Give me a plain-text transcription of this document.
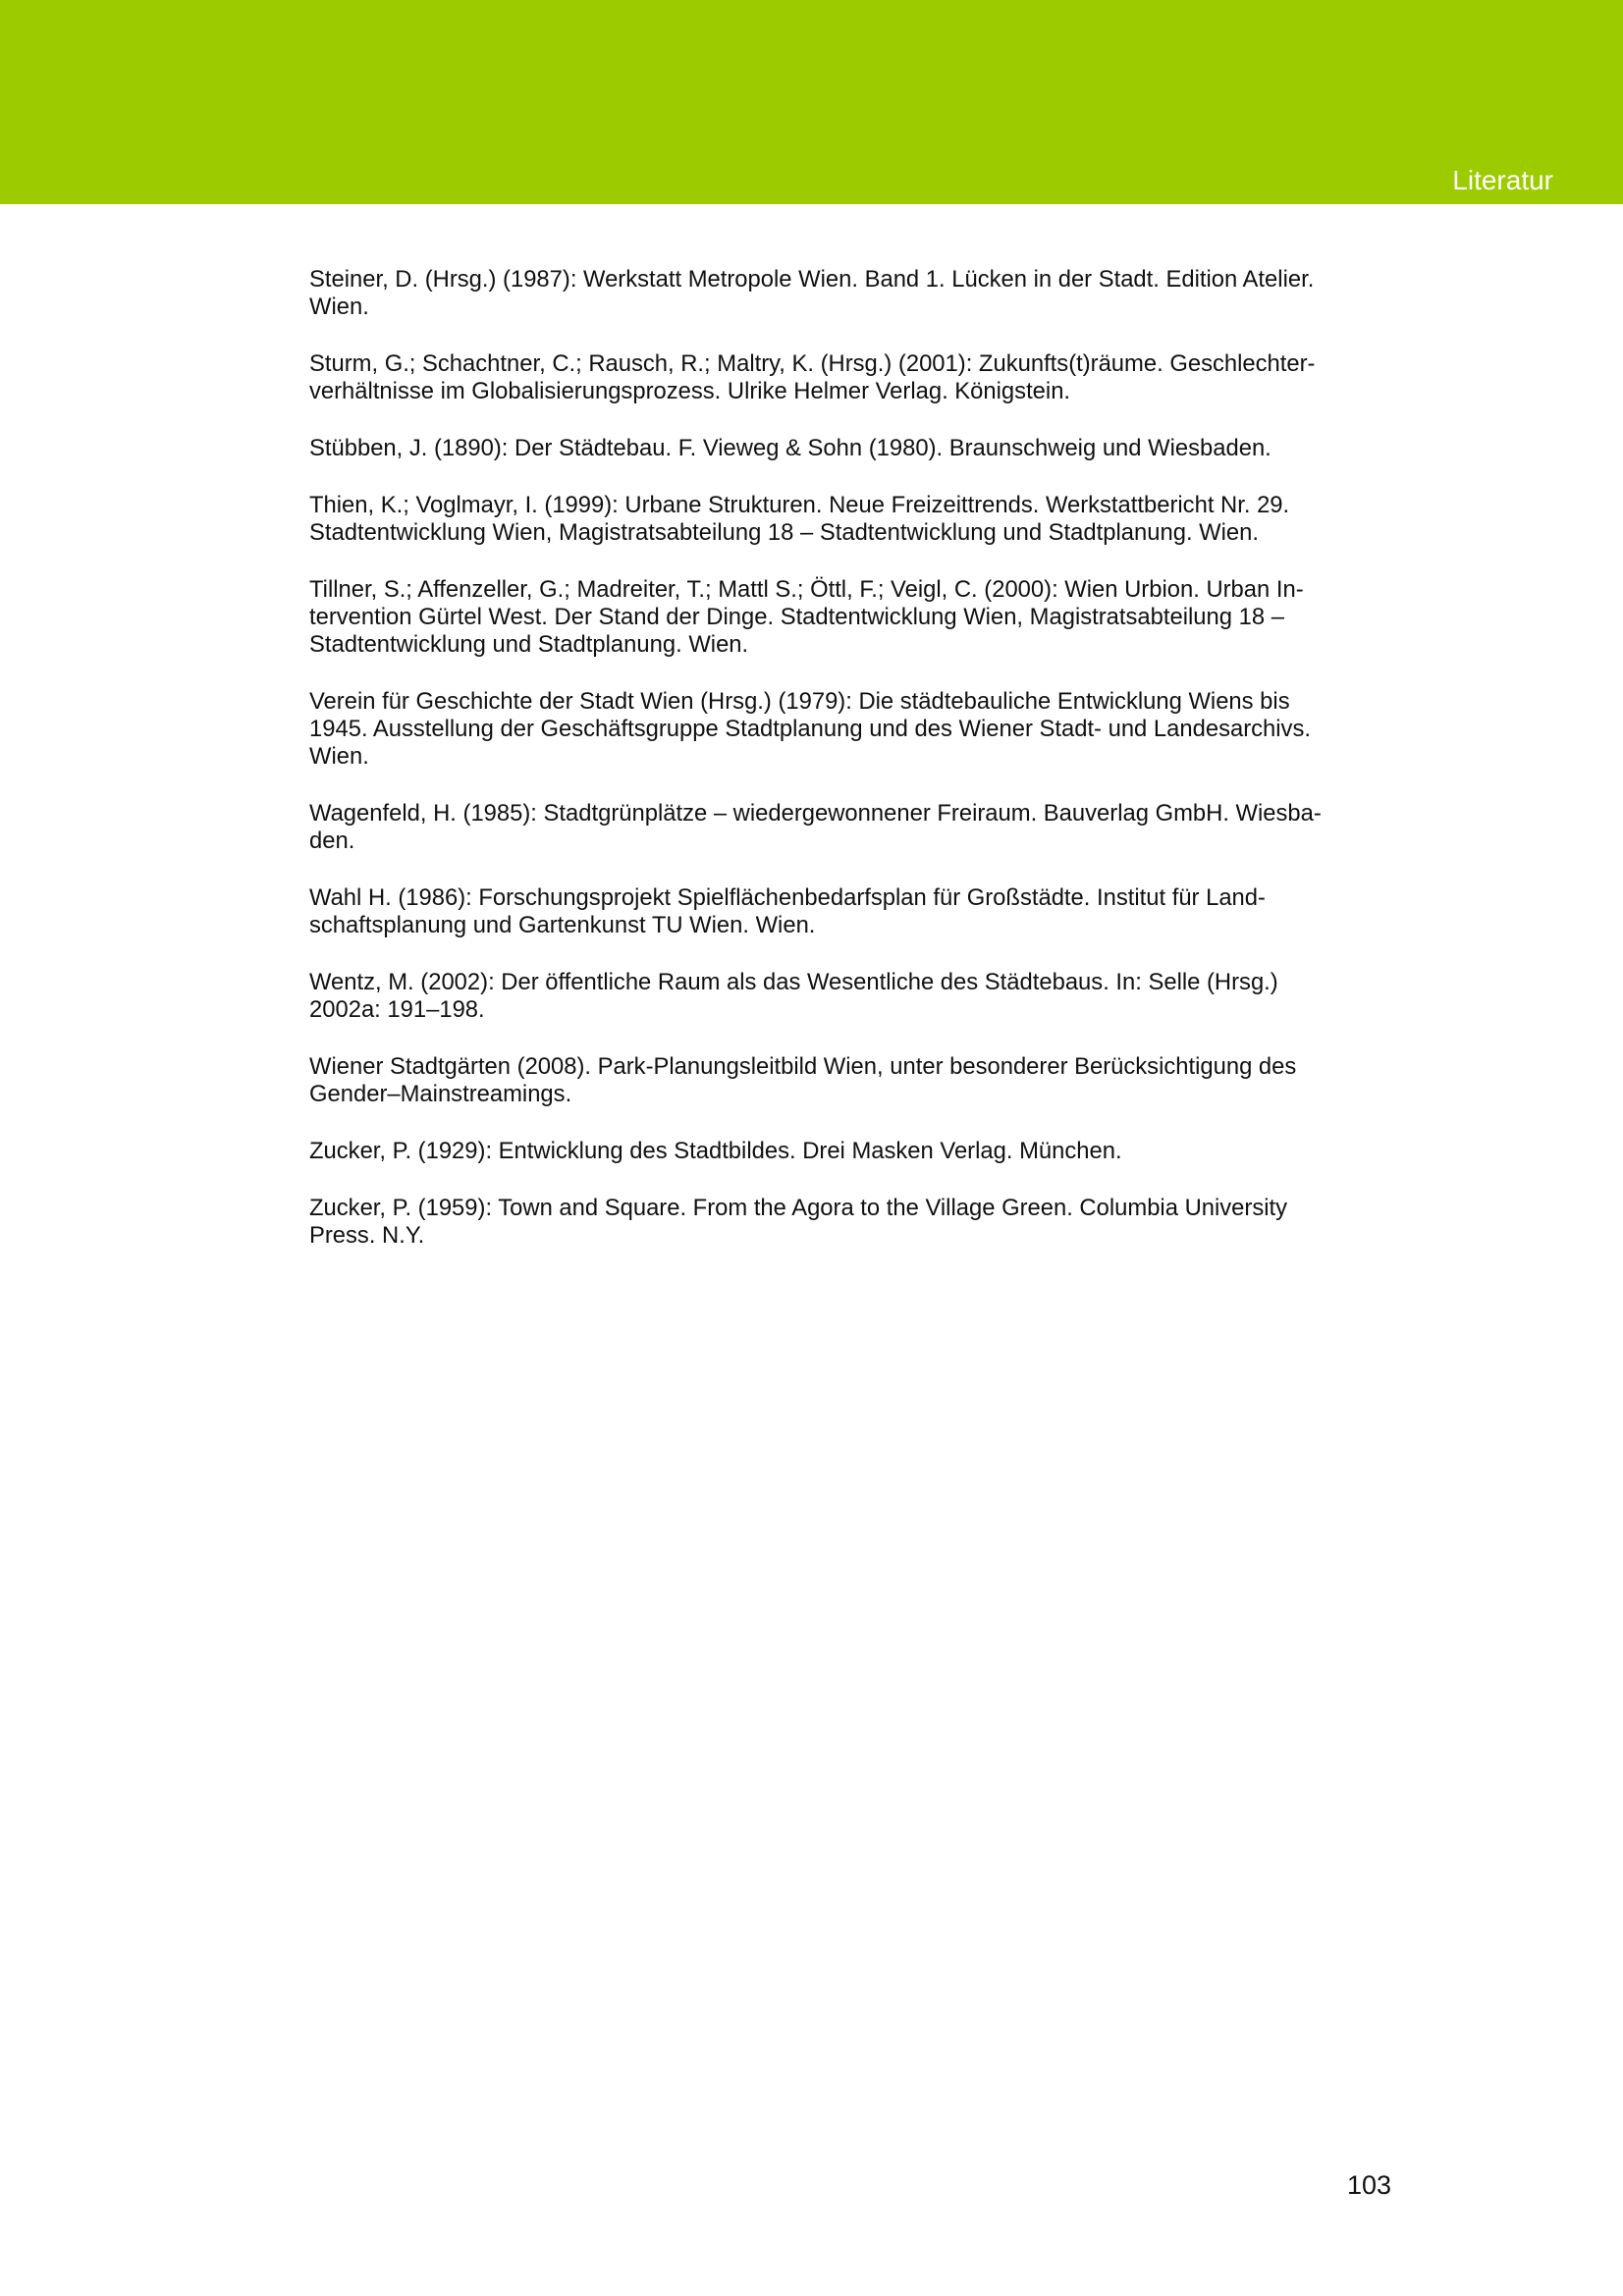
Literatur
Steiner, D. (Hrsg.) (1987): Werkstatt Metropole Wien. Band 1. Lücken in der Stadt. Edition Atelier.
Wien.
Sturm, G.; Schachtner, C.; Rausch, R.; Maltry, K. (Hrsg.) (2001): Zukunfts(t)räume. Geschlechter-
verhältnisse im Globalisierungsprozess. Ulrike Helmer Verlag. Königstein.
Stübben, J. (1890): Der Städtebau. F. Vieweg & Sohn (1980). Braunschweig und Wiesbaden.
Thien, K.; Voglmayr, I. (1999): Urbane Strukturen. Neue Freizeittrends. Werkstattbericht Nr. 29.
Stadtentwicklung Wien, Magistratsabteilung 18 – Stadtentwicklung und Stadtplanung. Wien.
Tillner, S.; Affenzeller, G.; Madreiter, T.; Mattl S.; Öttl, F.; Veigl, C. (2000): Wien Urbion. Urban In-
tervention Gürtel West. Der Stand der Dinge. Stadtentwicklung Wien, Magistratsabteilung 18 –
Stadtentwicklung und Stadtplanung. Wien.
Verein für Geschichte der Stadt Wien (Hrsg.) (1979): Die städtebauliche Entwicklung Wiens bis
1945. Ausstellung der Geschäftsgruppe Stadtplanung und des Wiener Stadt- und Landesarchivs.
Wien.
Wagenfeld, H. (1985): Stadtgrünplätze – wiedergewonnener Freiraum. Bauverlag GmbH. Wiesba-
den.
Wahl H. (1986): Forschungsprojekt Spielflächenbedarfsplan für Großstädte. Institut für Land-
schaftsplanung und Gartenkunst TU Wien. Wien.
Wentz, M. (2002): Der öffentliche Raum als das Wesentliche des Städtebaus. In: Selle (Hrsg.)
2002a: 191–198.
Wiener Stadtgärten (2008). Park-Planungsleitbild Wien, unter besonderer Berücksichtigung des
Gender–Mainstreamings.
Zucker, P. (1929): Entwicklung des Stadtbildes. Drei Masken Verlag. München.
Zucker, P. (1959): Town and Square. From the Agora to the Village Green. Columbia University
Press. N.Y.
103
